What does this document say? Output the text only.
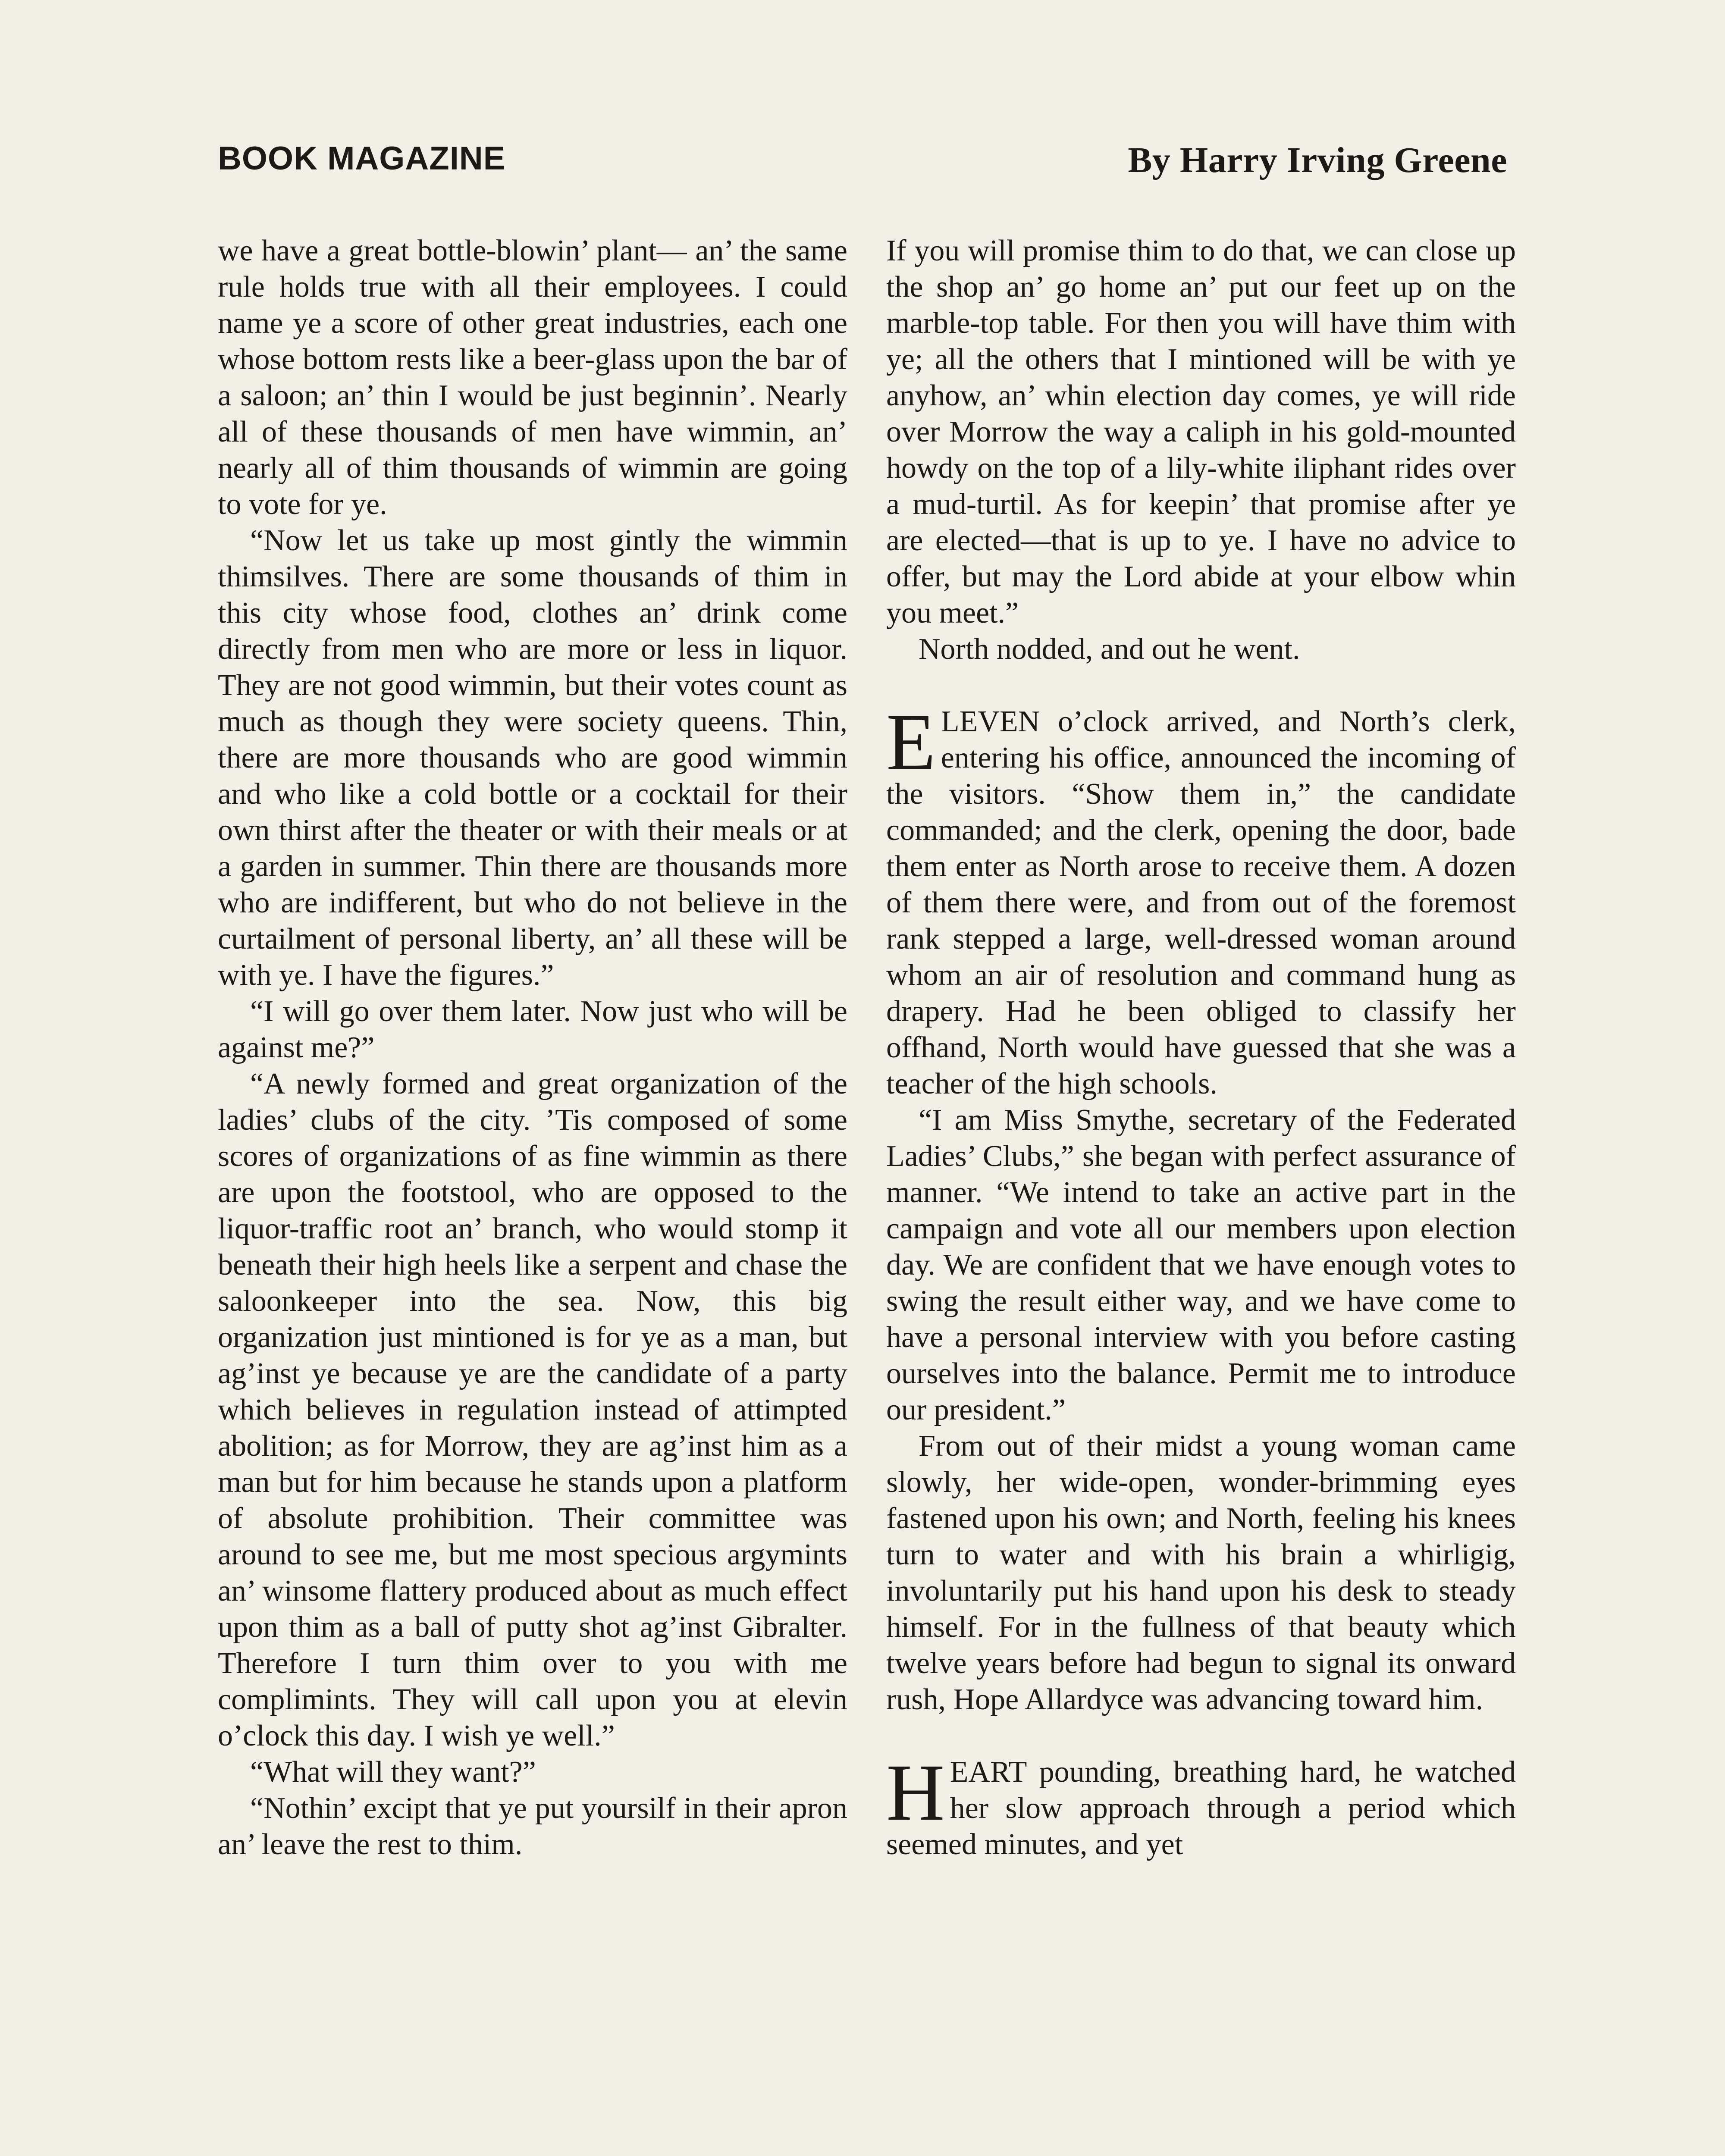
BOOK MAGAZINE	By Harry Irving Greene

we have a great bottle-blowin’ plant— an’ the same rule holds true with all their employees. I could name ye a score of other great industries, each one whose bottom rests like a beer-glass upon the bar of a saloon; an’ thin I would be just beginnin’. Nearly all of these thousands of men have wimmin, an’ nearly all of thim thousands of wimmin are going to vote for ye.

“Now let us take up most gintly the wimmin thimsilves. There are some thousands of thim in this city whose food, clothes an’ drink come directly from men who are more or less in liquor. They are not good wimmin, but their votes count as much as though they were society queens. Thin, there are more thousands who are good wimmin and who like a cold bottle or a cocktail for their own thirst after the theater or with their meals or at a garden in summer. Thin there are thousands more who are indifferent, but who do not believe in the curtailment of personal liberty, an’ all these will be with ye. I have the figures.”

“I will go over them later. Now just who will be against me?”

“A newly formed and great organization of the ladies’ clubs of the city. ’Tis composed of some scores of organizations of as fine wimmin as there are upon the footstool, who are opposed to the liquor-traffic root an’ branch, who would stomp it beneath their high heels like a serpent and chase the saloonkeeper into the sea. Now, this big organization just mintioned is for ye as a man, but ag’inst ye because ye are the candidate of a party which believes in regulation instead of attimpted abolition; as for Morrow, they are ag’inst him as a man but for him because he stands upon a platform of absolute prohibition. Their committee was around to see me, but me most specious argymints an’ winsome flattery produced about as much effect upon thim as a ball of putty shot ag’inst Gibralter. Therefore I turn thim over to you with me complimints. They will call upon you at elevin o’clock this day. I wish ye well.”

“What will they want?”

“Nothin’ excipt that ye put yoursilf in their apron an’ leave the rest to thim.

If you will promise thim to do that, we can close up the shop an’ go home an’ put our feet up on the marble-top table. For then you will have thim with ye; all the others that I mintioned will be with ye anyhow, an’ whin election day comes, ye will ride over Morrow the way a caliph in his gold-mounted howdy on the top of a lily-white iliphant rides over a mud-turtil. As for keepin’ that promise after ye are elected—that is up to ye. I have no advice to offer, but may the Lord abide at your elbow whin you meet.”

North nodded, and out he went.

ELEVEN o’clock arrived, and North’s clerk, entering his office, announced the incoming of the visitors. “Show them in,” the candidate commanded; and the clerk, opening the door, bade them enter as North arose to receive them. A dozen of them there were, and from out of the foremost rank stepped a large, well-dressed woman around whom an air of resolution and command hung as drapery. Had he been obliged to classify her offhand, North would have guessed that she was a teacher of the high schools.

“I am Miss Smythe, secretary of the Federated Ladies’ Clubs,” she began with perfect assurance of manner. “We intend to take an active part in the campaign and vote all our members upon election day. We are confident that we have enough votes to swing the result either way, and we have come to have a personal interview with you before casting ourselves into the balance. Permit me to introduce our president.”

From out of their midst a young woman came slowly, her wide-open, wonder-brimming eyes fastened upon his own; and North, feeling his knees turn to water and with his brain a whirligig, involuntarily put his hand upon his desk to steady himself. For in the fullness of that beauty which twelve years before had begun to signal its onward rush, Hope Allardyce was advancing toward him.

HEART pounding, breathing hard, he watched her slow approach through a period which seemed minutes, and yet
